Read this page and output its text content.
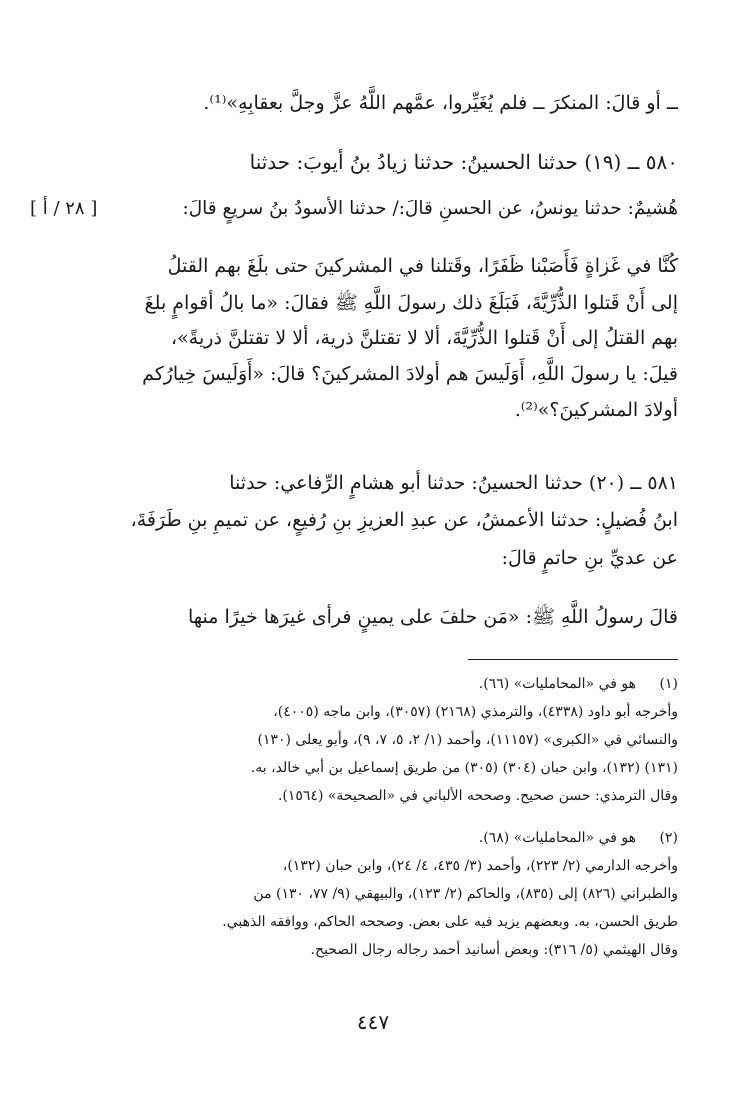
ــ أو قالَ: المنكرَ ــ فلم يُغَيِّروا، عمَّهم اللَّهُ عزَّ وجلَّ بعقابِهِ»⁽¹⁾.
٥٨٠ ــ (١٩) حدثنا الحسينُ: حدثنا زيادُ بنُ أيوبَ: حدثنا
هُشيمٌ: حدثنا يونسُ، عن الحسنِ قالَ:/ حدثنا الأسودُ بنُ سريعٍ قالَ:
[ ٢٨ / أ ]
كُنَّا في غَزاةٍ فَأَصَبْنا ظَفَرًا، وقَتلنا في المشركينَ حتى بلَغَ بهم القتلُ
إلى أَنْ قَتلوا الذُّرِّيَّةَ، فَبَلَغَ ذلك رسولَ اللَّهِ ﷺ فقالَ: «ما بالُ أقوامٍ بلغَ
بهم القتلُ إلى أَنْ قَتلوا الذُّرِّيَّةَ، ألا لا تقتلنَّ ذرية، ألا لا تقتلنَّ ذريةً»،
قيلَ: يا رسولَ اللَّهِ، أَوَلَيسَ هم أولادَ المشركينَ؟ قالَ: «أَوَلَيسَ خِيارُكم
أولادَ المشركينَ؟»⁽²⁾.
٥٨١ ــ (٢٠) حدثنا الحسينُ: حدثنا أبو هشامٍ الرِّفاعي: حدثنا
ابنُ فُضيلٍ: حدثنا الأعمشُ، عن عبدِ العزيزِ بنِ رُفيعٍ، عن تميمِ بنِ طَرَفَةَ،
عن عديِّ بنِ حاتمٍ قالَ:
قالَ رسولُ اللَّهِ ﷺ: «مَن حلفَ على يمينٍ فرأى غيرَها خيرًا منها
(١)
هو في «المحامليات» (٦٦).
وأخرجه أبو داود (٤٣٣٨)، والترمذي (٢١٦٨) (٣٠٥٧)، وابن ماجه (٤٠٠٥)،
والنسائي في «الكبرى» (١١١٥٧)، وأحمد (١/ ٢، ٥، ٧، ٩)، وأبو يعلى (١٣٠)
(١٣١) (١٣٢)، وابن حبان (٣٠٤) (٣٠٥) من طريق إسماعيل بن أبي خالد، به.
وقال الترمذي: حسن صحيح. وصححه الألباني في «الصحيحة» (١٥٦٤).
(٢)
هو في «المحامليات» (٦٨).
وأخرجه الدارمي (٢/ ٢٢٣)، وأحمد (٣/ ٤٣٥، ٤/ ٢٤)، وابن حبان (١٣٢)،
والطبراني (٨٢٦) إلى (٨٣٥)، والحاكم (٢/ ١٢٣)، والبيهقي (٩/ ٧٧، ١٣٠) من
طريق الحسن، به. وبعضهم يزيد فيه على بعض. وصححه الحاكم، ووافقه الذهبي.
وقال الهيثمي (٥/ ٣١٦): وبعض أسانيد أحمد رجاله رجال الصحيح.
٤٤٧
